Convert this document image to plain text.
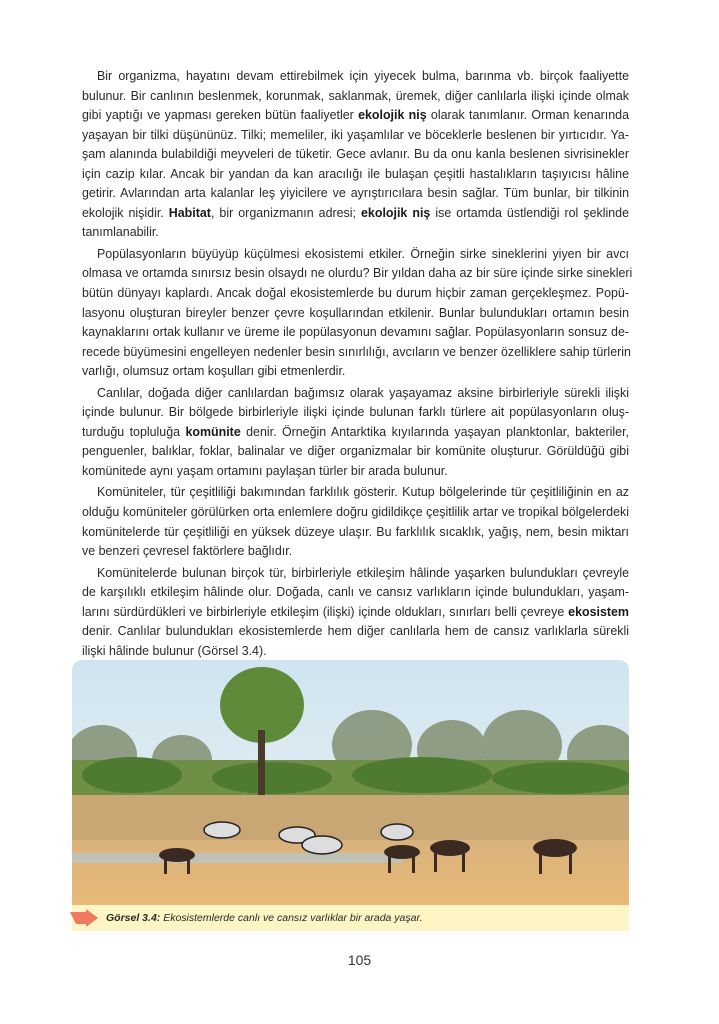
Bir organizma, hayatını devam ettirebilmek için yiyecek bulma, barınma vb. birçok faaliyette
bulunur. Bir canlının beslenmek, korunmak, saklanmak, üremek, diğer canlılarla ilişki içinde olmak
gibi yaptığı ve yapması gereken bütün faaliyetler ekolojik niş olarak tanımlanır. Orman kenarında
yaşayan bir tilki düşününüz. Tilki; memeliler, iki yaşamlılar ve böceklerle beslenen bir yırtıcıdır. Ya-
şam alanında bulabildiği meyveleri de tüketir. Gece avlanır. Bu da onu kanla beslenen sivrisinekler
için cazip kılar. Ancak bir yandan da kan aracılığı ile bulaşan çeşitli hastalıkların taşıyıcısı hâline
getirir. Avlarından arta kalanlar leş yiyicilere ve ayrıştırıcılara besin sağlar. Tüm bunlar, bir tilkinin
ekolojik nişidir. Habitat, bir organizmanın adresi; ekolojik niş ise ortamda üstlendiği rol şeklinde
tanımlanabilir.
Popülasyonların büyüyüp küçülmesi ekosistemi etkiler. Örneğin sirke sineklerini yiyen bir avcı
olmasa ve ortamda sınırsız besin olsaydı ne olurdu? Bir yıldan daha az bir süre içinde sirke sinekleri
bütün dünyayı kaplardı. Ancak doğal ekosistemlerde bu durum hiçbir zaman gerçekleşmez. Popü-
lasyonu oluşturan bireyler benzer çevre koşullarından etkilenir. Bunlar bulundukları ortamın besin
kaynaklarını ortak kullanır ve üreme ile popülasyonun devamını sağlar. Popülasyonların sonsuz de-
recede büyümesini engelleyen nedenler besin sınırlılığı, avcıların ve benzer özelliklere sahip türlerin
varlığı, olumsuz ortam koşulları gibi etmenlerdir.
Canlılar, doğada diğer canlılardan bağımsız olarak yaşayamaz aksine birbirleriyle sürekli ilişki
içinde bulunur. Bir bölgede birbirleriyle ilişki içinde bulunan farklı türlere ait popülasyonların oluş-
turduğu topluluğa komünite denir. Örneğin Antarktika kıyılarında yaşayan planktonlar, bakteriler,
penguenler, balıklar, foklar, balinalar ve diğer organizmalar bir komünite oluşturur. Görüldüğü gibi
komünitede aynı yaşam ortamını paylaşan türler bir arada bulunur.
Komüniteler, tür çeşitliliği bakımından farklılık gösterir. Kutup bölgelerinde tür çeşitliliğinin en az
olduğu komüniteler görülürken orta enlemlere doğru gidildikçe çeşitlilik artar ve tropikal bölgelerdeki
komünitelerde tür çeşitliliği en yüksek düzeye ulaşır. Bu farklılık sıcaklık, yağış, nem, besin miktarı
ve benzeri çevresel faktörlere bağlıdır.
Komünitelerde bulunan birçok tür, birbirleriyle etkileşim hâlinde yaşarken bulundukları çevreyle
de karşılıklı etkileşim hâlinde olur. Doğada, canlı ve cansız varlıkların içinde bulundukları, yaşam-
larını sürdürdükleri ve birbirleriyle etkileşim (ilişki) içinde oldukları, sınırları belli çevreye ekosistem
denir. Canlılar bulundukları ekosistemlerde hem diğer canlılarla hem de cansız varlıklarla sürekli
ilişki hâlinde bulunur (Görsel 3.4).
Görsel 3.4: Ekosistemlerde canlı ve cansız varlıklar bir arada yaşar.
105
